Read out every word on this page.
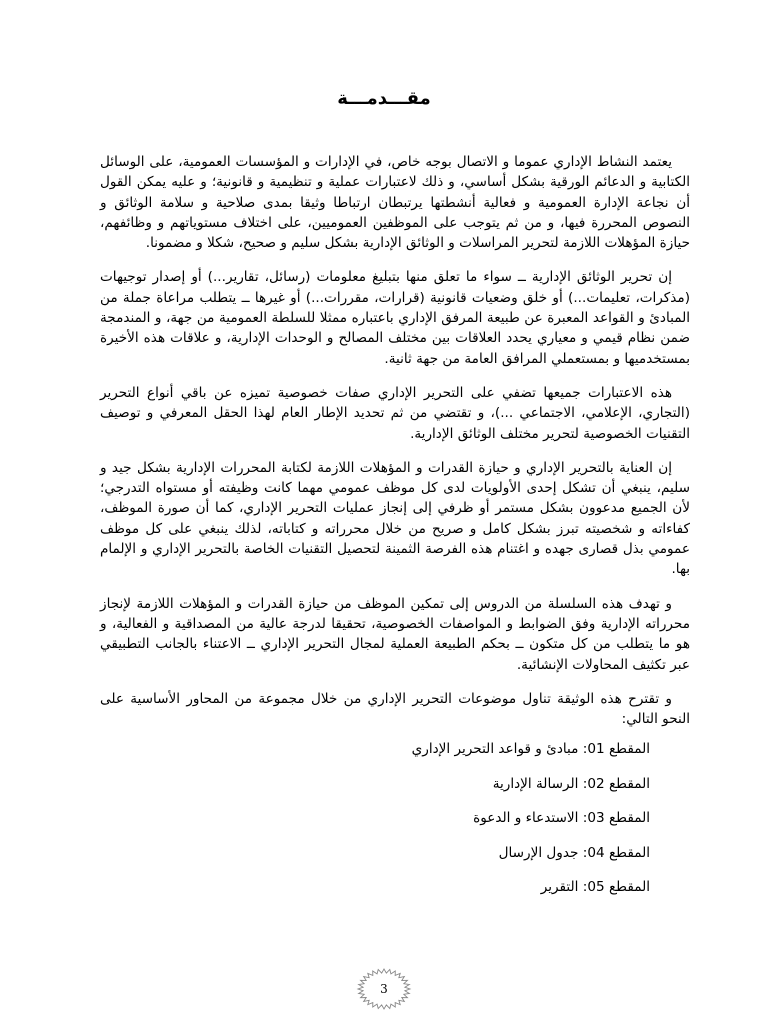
مقـــدمـــة

يعتمد النشاط الإداري عموما و الاتصال بوجه خاص، في الإدارات و المؤسسات العمومية، على الوسائل الكتابية و الدعائم الورقية بشكل أساسي، و ذلك لاعتبارات عملية و تنظيمية و قانونية؛ و عليه يمكن القول أن نجاعة الإدارة العمومية و فعالية أنشطتها يرتبطان ارتباطا وثيقا بمدى صلاحية و سلامة الوثائق و النصوص المحررة فيها، و من ثم يتوجب على الموظفين العموميين، على اختلاف مستوياتهم و وظائفهم، حيازة المؤهلات اللازمة لتحرير المراسلات و الوثائق الإدارية بشكل سليم و صحيح، شكلا و مضمونا.

إن تحرير الوثائق الإدارية ــ سواء ما تعلق منها بتبليغ معلومات (رسائل، تقارير...) أو إصدار توجيهات (مذكرات، تعليمات...) أو خلق وضعيات قانونية (قرارات، مقررات...) أو غيرها ــ يتطلب مراعاة جملة من المبادئ و القواعد المعبرة عن طبيعة المرفق الإداري باعتباره ممثلا للسلطة العمومية من جهة، و المندمجة ضمن نظام قيمي و معياري يحدد العلاقات بين مختلف المصالح و الوحدات الإدارية، و علاقات هذه الأخيرة بمستخدميها و بمستعملي المرافق العامة من جهة ثانية.

هذه الاعتبارات جميعها تضفي على التحرير الإداري صفات خصوصية تميزه عن باقي أنواع التحرير (التجاري، الإعلامي، الاجتماعي ...)، و تقتضي من ثم تحديد الإطار العام لهذا الحقل المعرفي و توصيف التقنيات الخصوصية لتحرير مختلف الوثائق الإدارية.

إن العناية بالتحرير الإداري و حيازة القدرات و المؤهلات اللازمة لكتابة المحررات الإدارية بشكل جيد و سليم، ينبغي أن تشكل إحدى الأولويات لدى كل موظف عمومي مهما كانت وظيفته أو مستواه التدرجي؛ لأن الجميع مدعوون بشكل مستمر أو ظرفي إلى إنجاز عمليات التحرير الإداري، كما أن صورة الموظف، كفاءاته و شخصيته تبرز بشكل كامل و صريح من خلال محرراته و كتاباته، لذلك ينبغي على كل موظف عمومي بذل قصارى جهده و اغتنام هذه الفرصة الثمينة لتحصيل التقنيات الخاصة بالتحرير الإداري و الإلمام بها.

و تهدف هذه السلسلة من الدروس إلى تمكين الموظف من حيازة القدرات و المؤهلات اللازمة لإنجاز محرراته الإدارية وفق الضوابط و المواصفات الخصوصية، تحقيقا لدرجة عالية من المصداقية و الفعالية، و هو ما يتطلب من كل متكون ــ بحكم الطبيعة العملية لمجال التحرير الإداري ــ الاعتناء بالجانب التطبيقي عبر تكثيف المحاولات الإنشائية.

و تقترح هذه الوثيقة تناول موضوعات التحرير الإداري من خلال مجموعة من المحاور الأساسية على النحو التالي:

المقطع 01: مبادئ و قواعد التحرير الإداري
المقطع 02: الرسالة الإدارية
المقطع 03: الاستدعاء و الدعوة
المقطع 04: جدول الإرسال
المقطع 05: التقرير
3
